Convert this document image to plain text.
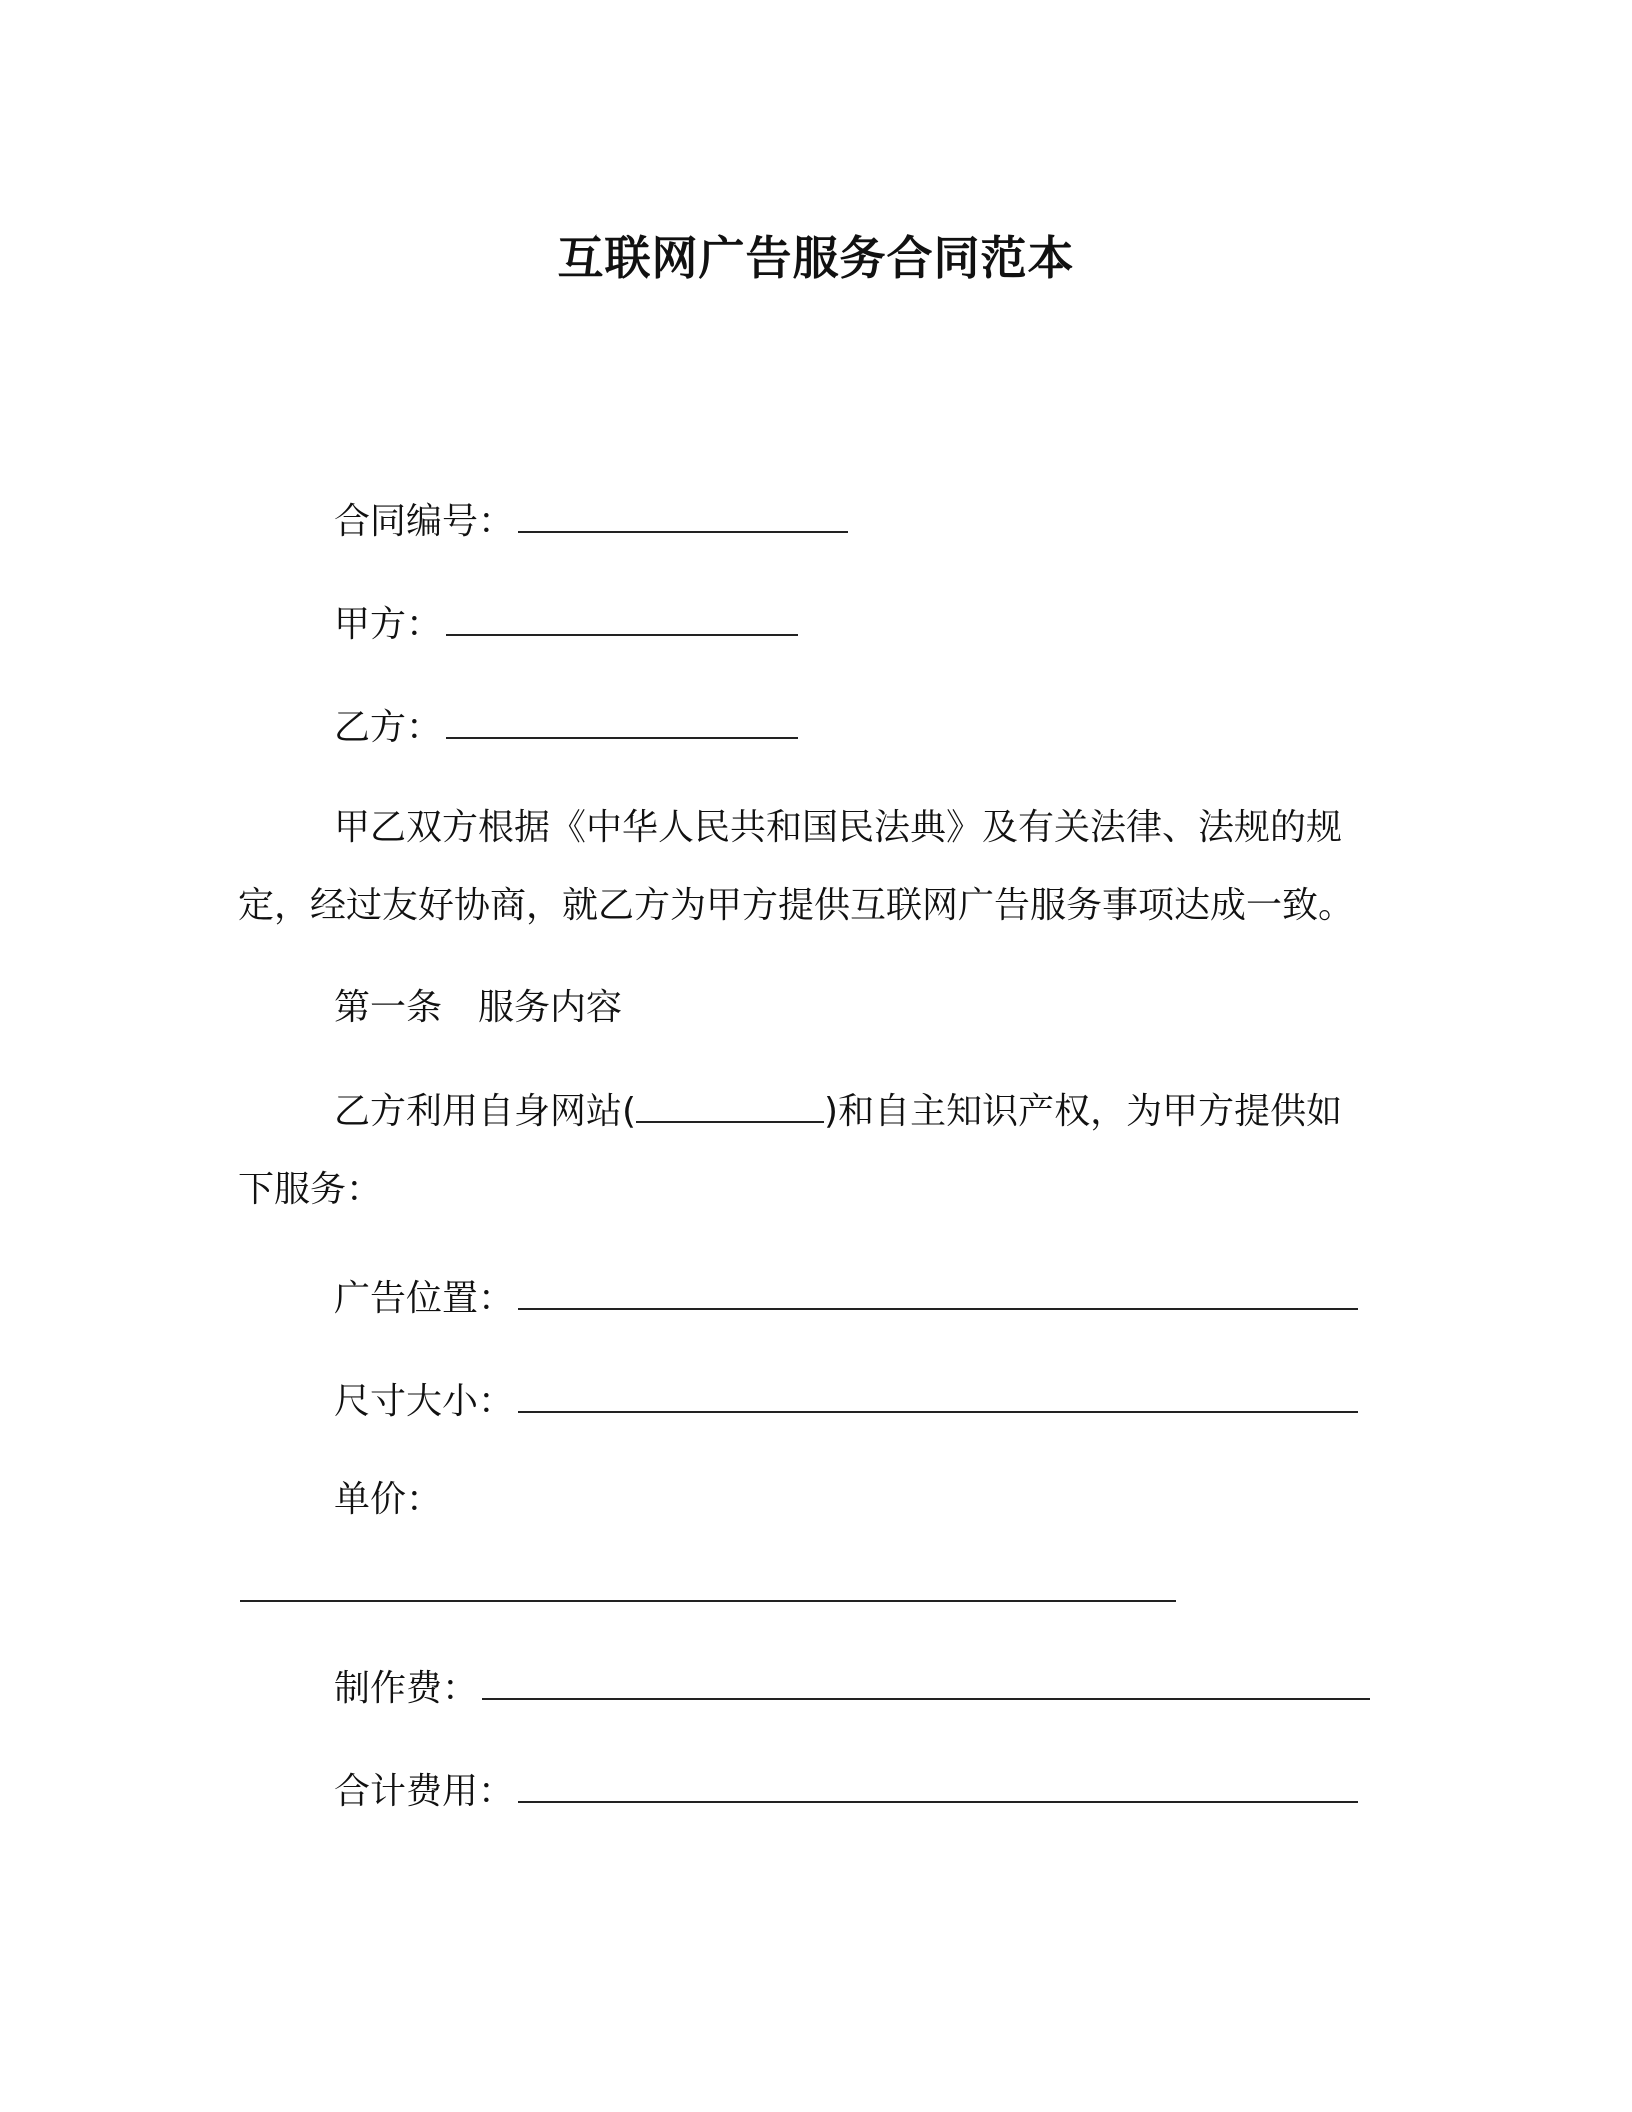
互联网广告服务合同范本
合同编号：
甲方：
乙方：
甲乙双方根据《中华人民共和国民法典》及有关法律、法规的规
定，经过友好协商，就乙方为甲方提供互联网广告服务事项达成一致。
第一条　服务内容
乙方利用自身网站(	)和自主知识产权，为甲方提供如
下服务：
广告位置：
尺寸大小：
单价：
制作费：
合计费用：
